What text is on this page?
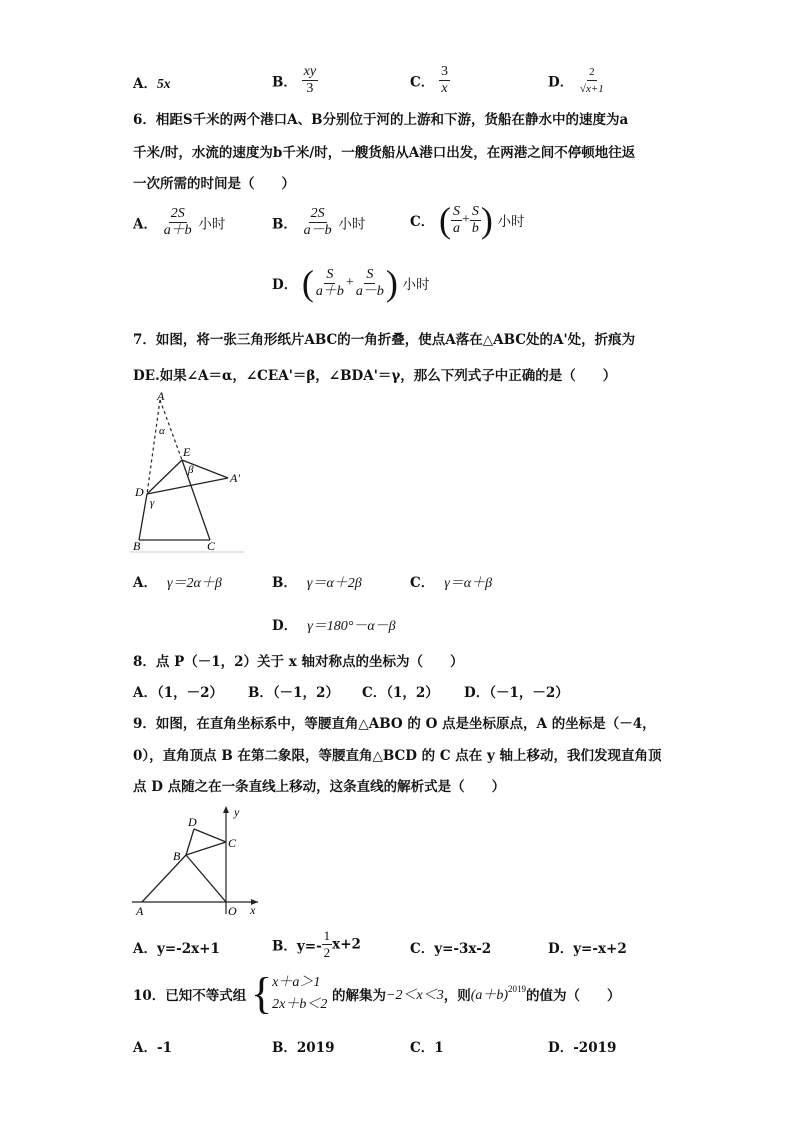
A．5x	B． $\frac{xy}{3}$	C． $\frac{3}{x}$	D． $\frac{2}{√x+1}$
6．相距S千米的两个港口A、B分别位于河的上游和下游，货船在静水中的速度为a
千米/时，水流的速度为b千米/时，一艘货船从A港口出发，在两港之间不停顿地往返
一次所需的时间是（　　）
A． $\frac{2S}{a+b}$ 小时	B． $\frac{2S}{a-b}$ 小时	C． ( $\frac{S}{a} + \frac{S}{b}$ ) 小时
D． ( $\frac{S}{a+b} + \frac{S}{a-b}$ ) 小时
7．如图，将一张三角形纸片ABC的一角折叠，使点A落在△ABC处的A'处，折痕为
DE.如果∠A＝α，∠CEA'＝β，∠BDA'＝γ，那么下列式子中正确的是（　　）
A
α
E
β
A'
D
γ
B	C
A． γ＝2α＋β	B． γ＝α＋2β	C． γ＝α＋β
D． γ＝180°－α－β
8．点 P（－1，2）关于 x 轴对称点的坐标为（　　）
A．（1，－2） B．（－1，2） C．（1，2） D．（－1，－2）
9．如图，在直角坐标系中，等腰直角△ABO 的 O 点是坐标原点，A 的坐标是（－4，
0），直角顶点 B 在第二象限，等腰直角△BCD 的 C 点在 y 轴上移动，我们发现直角顶
点 D 点随之在一条直线上移动，这条直线的解析式是（　　）
y
D
C
B
A	O x
A．y=-2x+1	B．$y=- \frac{1}{2} x+2$	C．y=-3x-2	D．y=-x+2
10．已知不等式组 { x＋a＞1
2x＋b＜2
的解集为−2＜x＜3，则$(a+b)^{2019}$的值为（　　）
A．-1	B．2019	C．1	D．-2019
